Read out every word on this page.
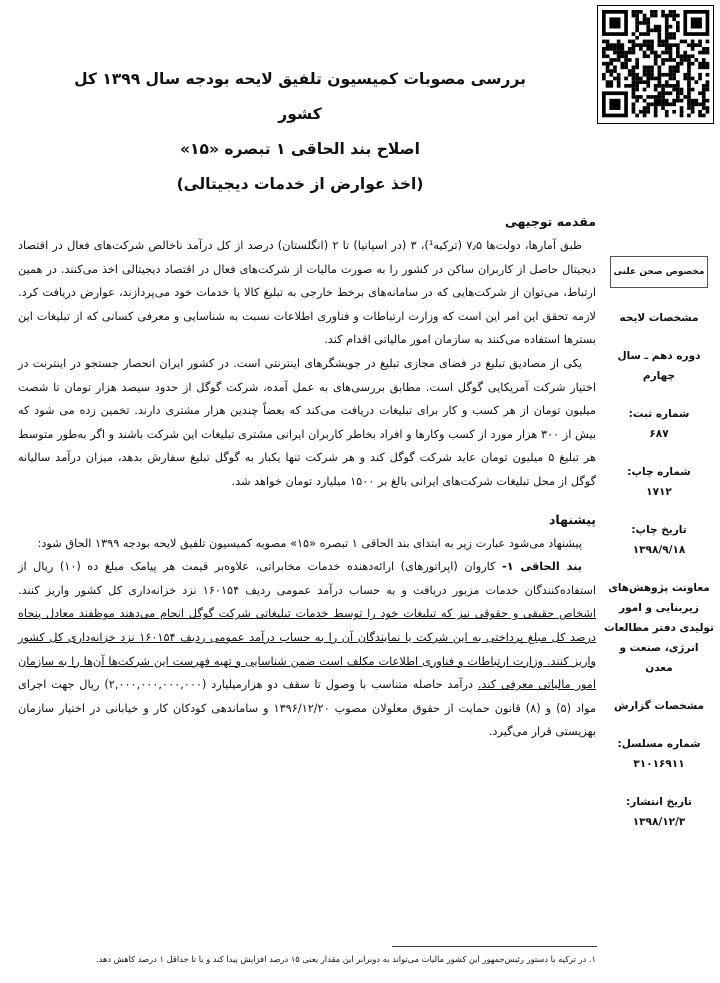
بررسی مصوبات کمیسیون تلفیق لایحه بودجه سال ۱۳۹۹ کل کشور
اصلاح بند الحاقی ۱ تبصره «۱۵»
(اخذ عوارض از خدمات دیجیتالی)
مقدمه توجیهی

طبق آمارها، دولت‌ها ۷٫۵ (ترکیه¹)، ۳ (در اسپانیا) تا ۲ (انگلستان) درصد از کل درآمد ناخالص شرکت‌های فعال در اقتصاد دیجیتال حاصل از کاربران ساکن در کشور را به صورت مالیات از شرکت‌های فعال در اقتصاد دیجیتالی اخذ می‌کنند. در همین ارتباط، می‌توان از شرکت‌هایی که در سامانه‌های برخط خارجی به تبلیغ کالا یا خدمات خود می‌پردازند، عوارض دریافت کرد. لازمه تحقق این امر این است که وزارت ارتباطات و فناوری اطلاعات نسبت به شناسایی و معرفی کسانی که از تبلیغات این بسترها استفاده می‌کنند به سازمان امور مالیاتی اقدام کند.

یکی از مصادیق تبلیغ در فضای مجازی تبلیغ در جویشگرهای اینترنتی است. در کشور ایران انحصار جستجو در اینترنت در اختیار شرکت آمریکایی گوگل است. مطابق بررسی‌های به عمل آمده، شرکت گوگل از حدود سیصد هزار تومان تا شصت میلیون تومان از هر کسب و کار برای تبلیغات دریافت می‌کند که بعضاً چندین هزار مشتری دارند. تخمین زده می شود که بیش از ۳۰۰ هزار مورد از کسب وکارها و افراد بخاطر کاربران ایرانی مشتری تبلیغات این شرکت باشند و اگر به‌طور متوسط هر تبلیغ ۵ میلیون تومان عاید شرکت گوگل کند و هر شرکت تنها یکبار به گوگل تبلیغ سفارش بدهد، میزان درآمد سالیانه گوگل از محل تبلیغات شرکت‌های ایرانی بالغ بر ۱۵۰۰ میلیارد تومان خواهد شد.

پیشنهاد

پیشنهاد می‌شود عبارت زیر به ابتدای بند الحاقی ۱ تبصره «۱۵» مصوبه کمیسیون تلفیق لایحه بودجه ۱۳۹۹ الحاق شود:

بند الحاقی ۱- کاروان (اپراتورهای) ارائه‌دهنده خدمات مخابراتی، علاوه‌بر قیمت هر پیامک مبلغ ده (۱۰) ریال از استفاده‌کنندگان خدمات مزبور دریافت و به حساب درآمد عمومی ردیف ۱۶۰۱۵۴ نزد خزانه‌داری کل کشور واریز کنند. اشخاص حقیقی و حقوقی نیز که تبلیغات خود را توسط خدمات تبلیغاتی شرکت گوگل انجام می‌دهند موظفند معادل پنجاه درصد کل مبلغ پرداختی به این شرکت یا نمایندگان آن را به حساب درآمد عمومی ردیف ۱۶۰۱۵۴ نزد خزانه‌داری کل کشور واریز کنند. وزارت ارتباطات و فناوری اطلاعات مکلف است ضمن شناسایی و تهیه فهرست این شرکت‌ها آن‌ها را به سازمان امور مالیاتی معرفی کند. درآمد حاصله متناسب با وصول تا سقف دو هزارمیلیارد (۲,۰۰۰,۰۰۰,۰۰۰,۰۰۰) ریال جهت اجرای مواد (۵) و (۸) قانون حمایت از حقوق معلولان مصوب ۱۳۹۶/۱۲/۲۰ و ساماندهی کودکان کار و خیابانی در اختیار سازمان بهزیستی قرار می‌گیرد.

مخصوص صحن علنی
مشخصات لایحه
دوره دهم ـ سال چهارم
شماره ثبت:
۶۸۷
شماره چاپ:
۱۷۱۲
تاریخ چاپ:
۱۳۹۸/۹/۱۸
معاونت پژوهش‌های زیربنایی و امور تولیدی دفتر مطالعات انرژی، صنعت و معدن
مشخصات گزارش
شماره مسلسل:
۳۱۰۱۶۹۱۱
تاریخ انتشار:
۱۳۹۸/۱۲/۳
۱. در ترکیه با دستور رئیس‌جمهور این کشور مالیات می‌تواند به دوبرابر این مقدار یعنی ۱۵ درصد افزایش پیدا کند و یا تا حداقل ۱ درصد کاهش دهد.
